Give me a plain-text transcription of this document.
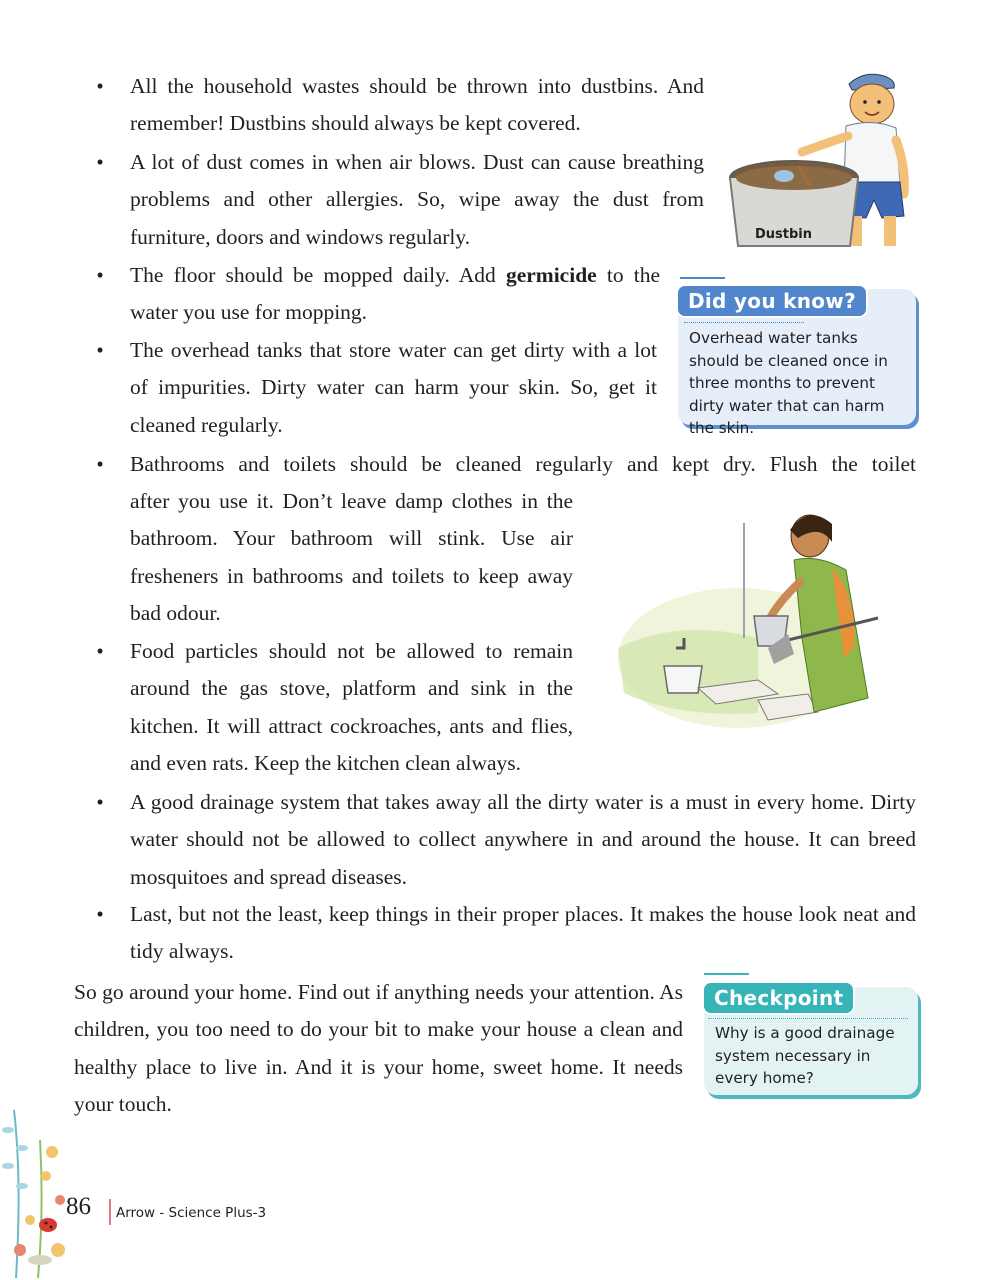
• All the household wastes should be thrown into dustbins. And remember! Dustbins should always be kept covered.

• A lot of dust comes in when air blows. Dust can cause breathing problems and other allergies. So, wipe away the dust from furniture, doors and windows regularly.

• The floor should be mopped daily. Add germicide to the water you use for mopping.

• The overhead tanks that store water can get dirty with a lot of impurities. Dirty water can harm your skin. So, get it cleaned regularly.

• Bathrooms and toilets should be cleaned regularly and kept dry. Flush the toilet

after you use it. Don’t leave damp clothes in the bathroom. Your bathroom will stink. Use air fresheners in bathrooms and toilets to keep away bad odour.

• Food particles should not be allowed to remain around the gas stove, platform and sink in the kitchen. It will attract cockroaches, ants and flies, and even rats. Keep the kitchen clean always.

• A good drainage system that takes away all the dirty water is a must in every home. Dirty water should not be allowed to collect anywhere in and around the house. It can breed mosquitoes and spread diseases.

• Last, but not the least, keep things in their proper places. It makes the house look neat and tidy always.

So go around your home. Find out if anything needs your attention. As children, you too need to do your bit to make your house a clean and healthy place to live in. And it is your home, sweet home. It needs your touch.

Dustbin
Did you know?
Overhead water tanks should be cleaned once in three months to prevent dirty water that can harm the skin.
Checkpoint
Why is a good drainage system necessary in every home?
86 Arrow - Science Plus-3
